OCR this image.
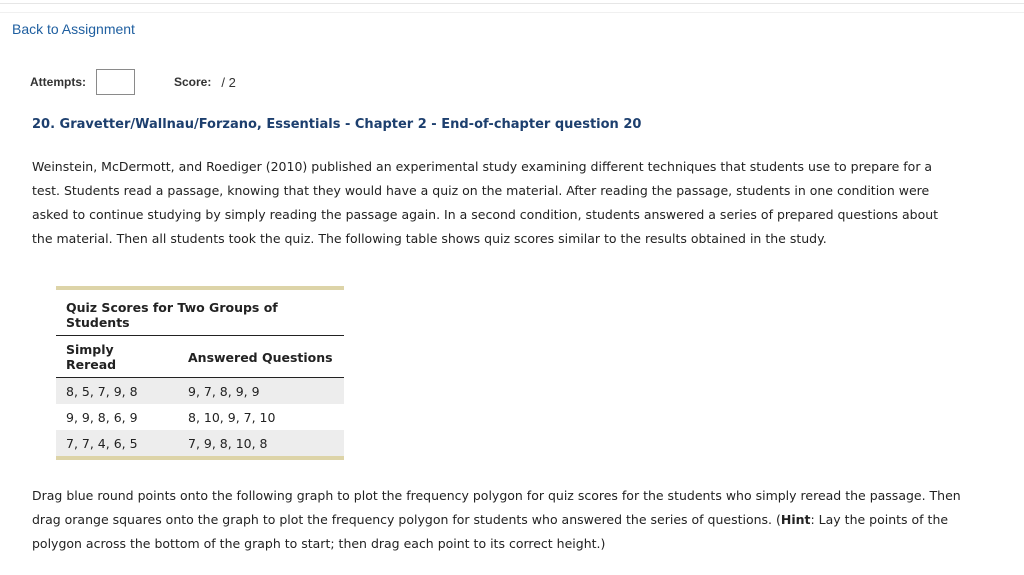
Back to Assignment
Attempts:	Score: / 2
20. Gravetter/Wallnau/Forzano, Essentials - Chapter 2 - End-of-chapter question 20

Weinstein, McDermott, and Roediger (2010) published an experimental study examining different techniques that students use to prepare for a test. Students read a passage, knowing that they would have a quiz on the material. After reading the passage, students in one condition were asked to continue studying by simply reading the passage again. In a second condition, students answered a series of prepared questions about the material. Then all students took the quiz. The following table shows quiz scores similar to the results obtained in the study.

Quiz Scores for Two Groups of Students
Simply Reread	Answered Questions
8, 5, 7, 9, 8	9, 7, 8, 9, 9
9, 9, 8, 6, 9	8, 10, 9, 7, 10
7, 7, 4, 6, 5	7, 9, 8, 10, 8

Drag blue round points onto the following graph to plot the frequency polygon for quiz scores for the students who simply reread the passage. Then drag orange squares onto the graph to plot the frequency polygon for students who answered the series of questions. (Hint: Lay the points of the polygon across the bottom of the graph to start; then drag each point to its correct height.)
